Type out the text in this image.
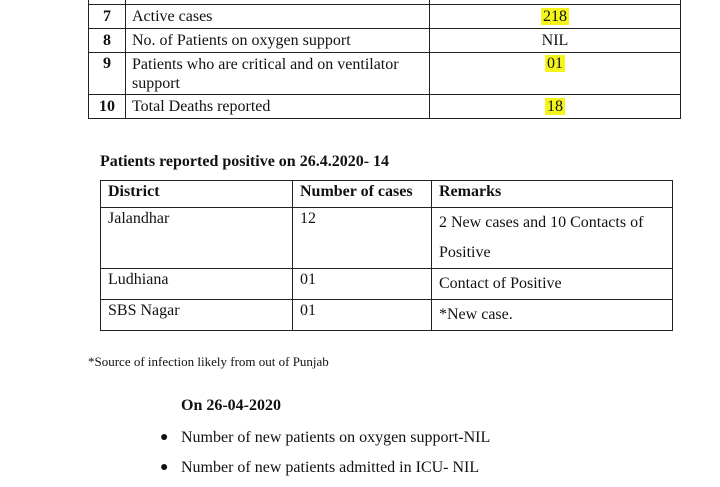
7	Active cases	218
8	No. of Patients on oxygen support	NIL
9	Patients who are critical and on ventilator support	01
10	Total Deaths reported	18

Patients reported positive on 26.4.2020- 14

District	Number of cases	Remarks
Jalandhar	12	2 New cases and 10 Contacts of Positive
Ludhiana	01	Contact of Positive
SBS Nagar	01	*New case.

*Source of infection likely from out of Punjab

On 26-04-2020

● Number of new patients on oxygen support-NIL
● Number of new patients admitted in ICU- NIL
